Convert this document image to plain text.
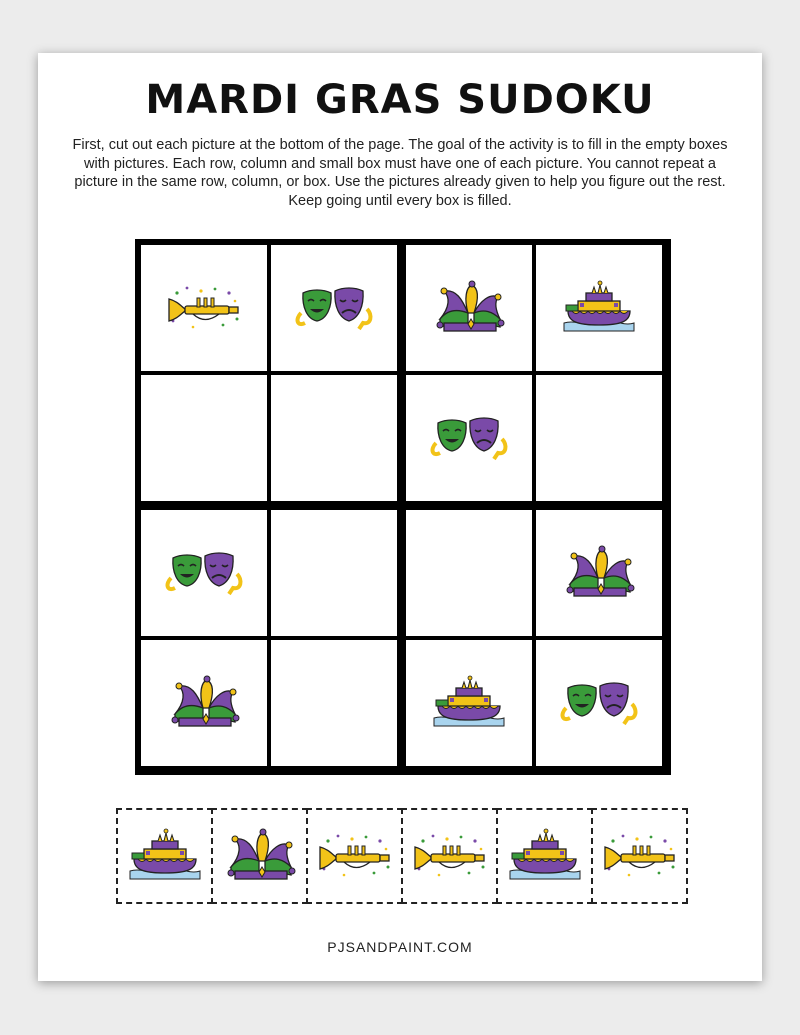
MARDI GRAS SUDOKU
First, cut out each picture at the bottom of the page. The goal of the activity is to fill in the empty boxes with pictures. Each row, column and small box must have one of each picture. You cannot repeat a picture in the same row, column, or box. Use the pictures already given to help you figure out the rest. Keep going until every box is filled.
PJSANDPAINT.COM
